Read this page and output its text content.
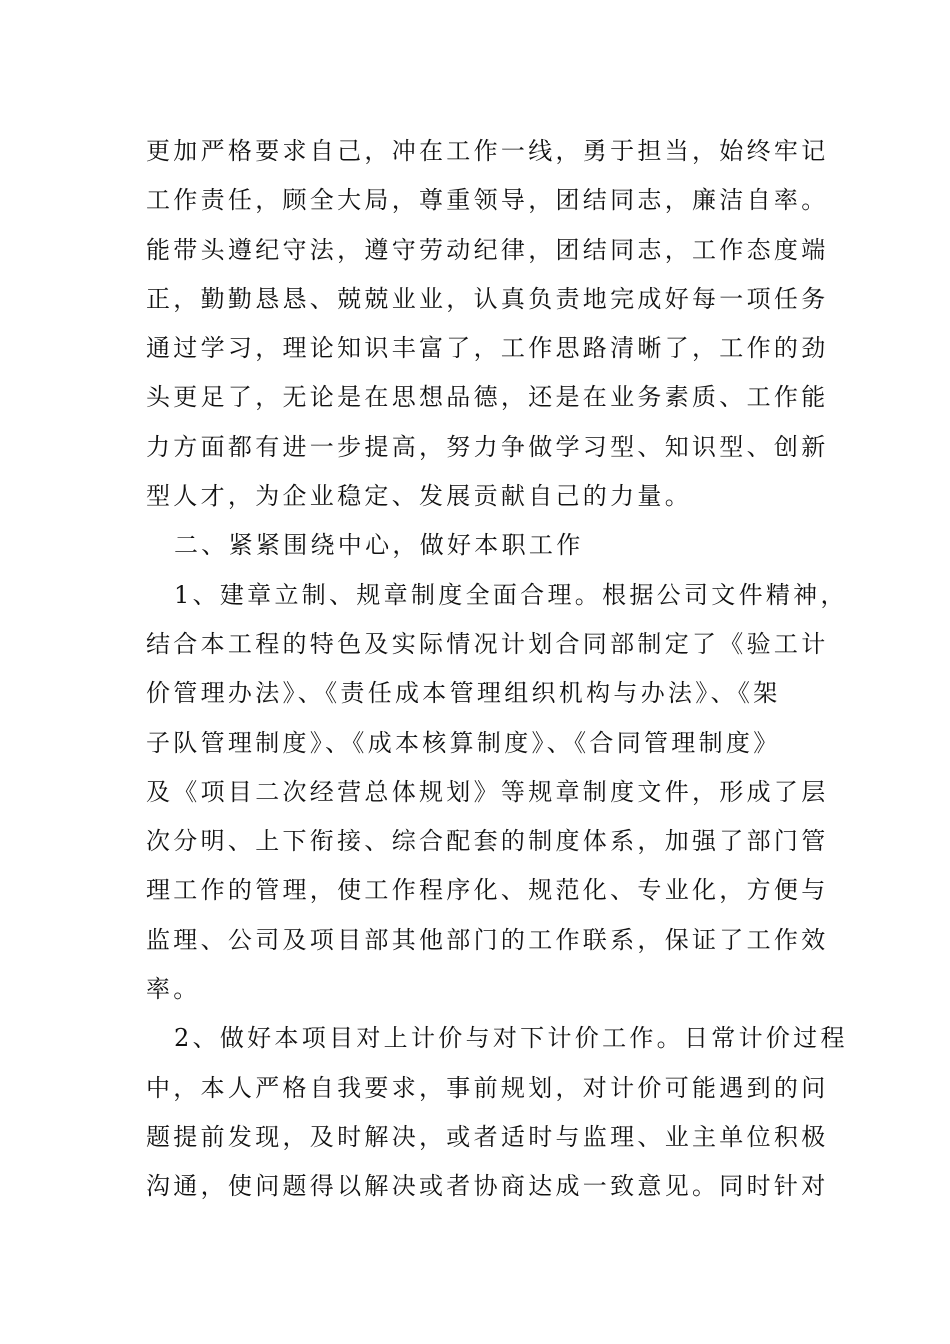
更加严格要求自己，冲在工作一线，勇于担当，始终牢记
工作责任，顾全大局，尊重领导，团结同志，廉洁自率。
能带头遵纪守法，遵守劳动纪律，团结同志，工作态度端
正，勤勤恳恳、兢兢业业，认真负责地完成好每一项任务
通过学习，理论知识丰富了，工作思路清晰了，工作的劲
头更足了，无论是在思想品德，还是在业务素质、工作能
力方面都有进一步提高，努力争做学习型、知识型、创新
型人才，为企业稳定、发展贡献自己的力量。
二、紧紧围绕中心，做好本职工作
1、建章立制、规章制度全面合理。根据公司文件精神，
结合本工程的特色及实际情况计划合同部制定了《验工计
价管理办法》、《责任成本管理组织机构与办法》、《架
子队管理制度》、《成本核算制度》、《合同管理制度》
及《项目二次经营总体规划》等规章制度文件，形成了层
次分明、上下衔接、综合配套的制度体系，加强了部门管
理工作的管理，使工作程序化、规范化、专业化，方便与
监理、公司及项目部其他部门的工作联系，保证了工作效
率。
2、做好本项目对上计价与对下计价工作。日常计价过程
中，本人严格自我要求，事前规划，对计价可能遇到的问
题提前发现，及时解决，或者适时与监理、业主单位积极
沟通，使问题得以解决或者协商达成一致意见。同时针对
